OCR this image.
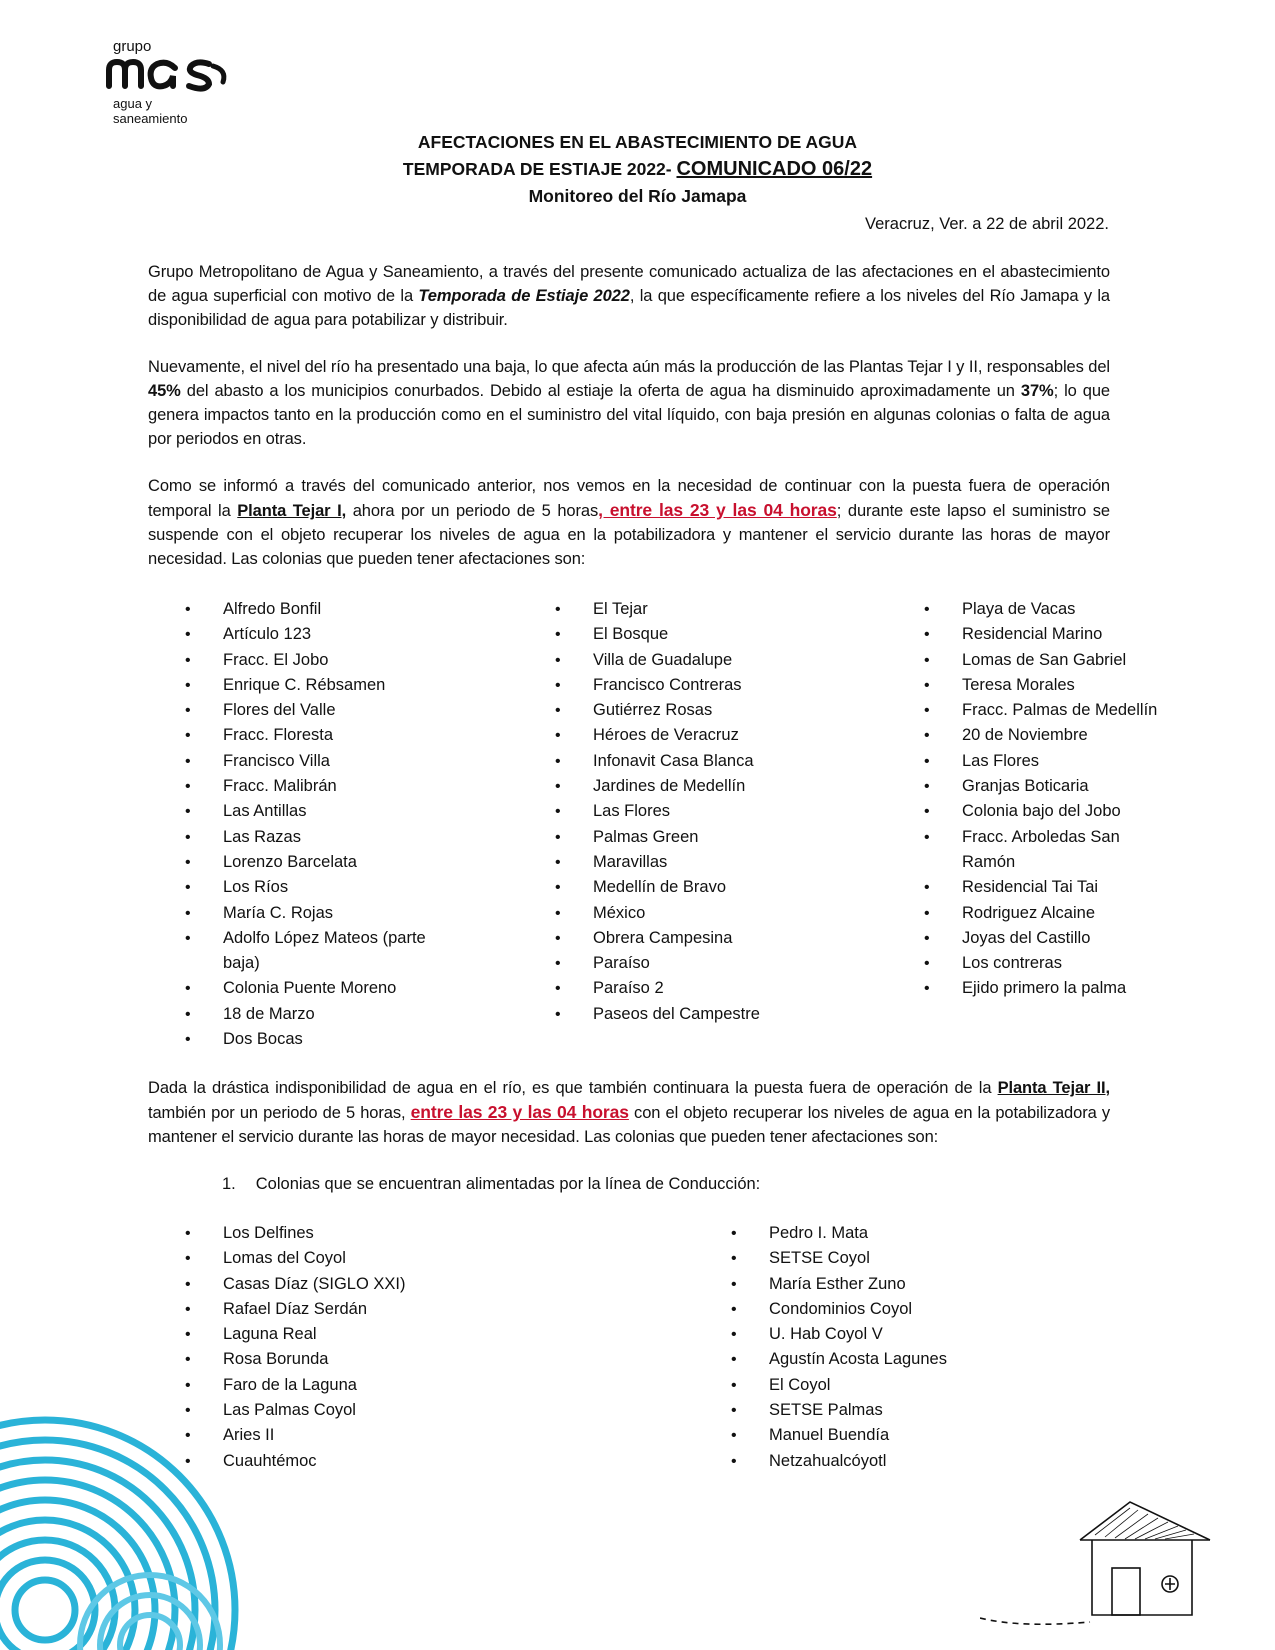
grupo
agua y
saneamiento
AFECTACIONES EN EL ABASTECIMIENTO DE AGUA
TEMPORADA DE ESTIAJE 2022- COMUNICADO 06/22
Monitoreo del Río Jamapa
Veracruz, Ver. a 22 de abril 2022.
Grupo Metropolitano de Agua y Saneamiento, a través del presente comunicado actualiza de las afectaciones en el abastecimiento de agua superficial con motivo de la Temporada de Estiaje 2022, la que específicamente refiere a los niveles del Río Jamapa y la disponibilidad de agua para potabilizar y distribuir.
Nuevamente, el nivel del río ha presentado una baja, lo que afecta aún más la producción de las Plantas Tejar I y II, responsables del 45% del abasto a los municipios conurbados. Debido al estiaje la oferta de agua ha disminuido aproximadamente un 37%; lo que genera impactos tanto en la producción como en el suministro del vital líquido, con baja presión en algunas colonias o falta de agua por periodos en otras.
Como se informó a través del comunicado anterior, nos vemos en la necesidad de continuar con la puesta fuera de operación temporal la Planta Tejar I, ahora por un periodo de 5 horas, entre las 23 y las 04 horas; durante este lapso el suministro se suspende con el objeto recuperar los niveles de agua en la potabilizadora y mantener el servicio durante las horas de mayor necesidad. Las colonias que pueden tener afectaciones son:
• Alfredo Bonfil
• Artículo 123
• Fracc. El Jobo
• Enrique C. Rébsamen
• Flores del Valle
• Fracc. Floresta
• Francisco Villa
• Fracc. Malibrán
• Las Antillas
• Las Razas
• Lorenzo Barcelata
• Los Ríos
• María C. Rojas
• Adolfo López Mateos (parte baja)
• Colonia Puente Moreno
• 18 de Marzo
• Dos Bocas
• El Tejar
• El Bosque
• Villa de Guadalupe
• Francisco Contreras
• Gutiérrez Rosas
• Héroes de Veracruz
• Infonavit Casa Blanca
• Jardines de Medellín
• Las Flores
• Palmas Green
• Maravillas
• Medellín de Bravo
• México
• Obrera Campesina
• Paraíso
• Paraíso 2
• Paseos del Campestre
• Playa de Vacas
• Residencial Marino
• Lomas de San Gabriel
• Teresa Morales
• Fracc. Palmas de Medellín
• 20 de Noviembre
• Las Flores
• Granjas Boticaria
• Colonia bajo del Jobo
• Fracc. Arboledas San Ramón
• Residencial Tai Tai
• Rodriguez Alcaine
• Joyas del Castillo
• Los contreras
• Ejido primero la palma
Dada la drástica indisponibilidad de agua en el río, es que también continuara la puesta fuera de operación de la Planta Tejar II, también por un periodo de 5 horas, entre las 23 y las 04 horas con el objeto recuperar los niveles de agua en la potabilizadora y mantener el servicio durante las horas de mayor necesidad. Las colonias que pueden tener afectaciones son:
1. Colonias que se encuentran alimentadas por la línea de Conducción:
• Los Delfines
• Lomas del Coyol
• Casas Díaz (SIGLO XXI)
• Rafael Díaz Serdán
• Laguna Real
• Rosa Borunda
• Faro de la Laguna
• Las Palmas Coyol
• Aries II
• Cuauhtémoc
• Pedro I. Mata
• SETSE Coyol
• María Esther Zuno
• Condominios Coyol
• U. Hab Coyol V
• Agustín Acosta Lagunes
• El Coyol
• SETSE Palmas
• Manuel Buendía
• Netzahualcóyotl
